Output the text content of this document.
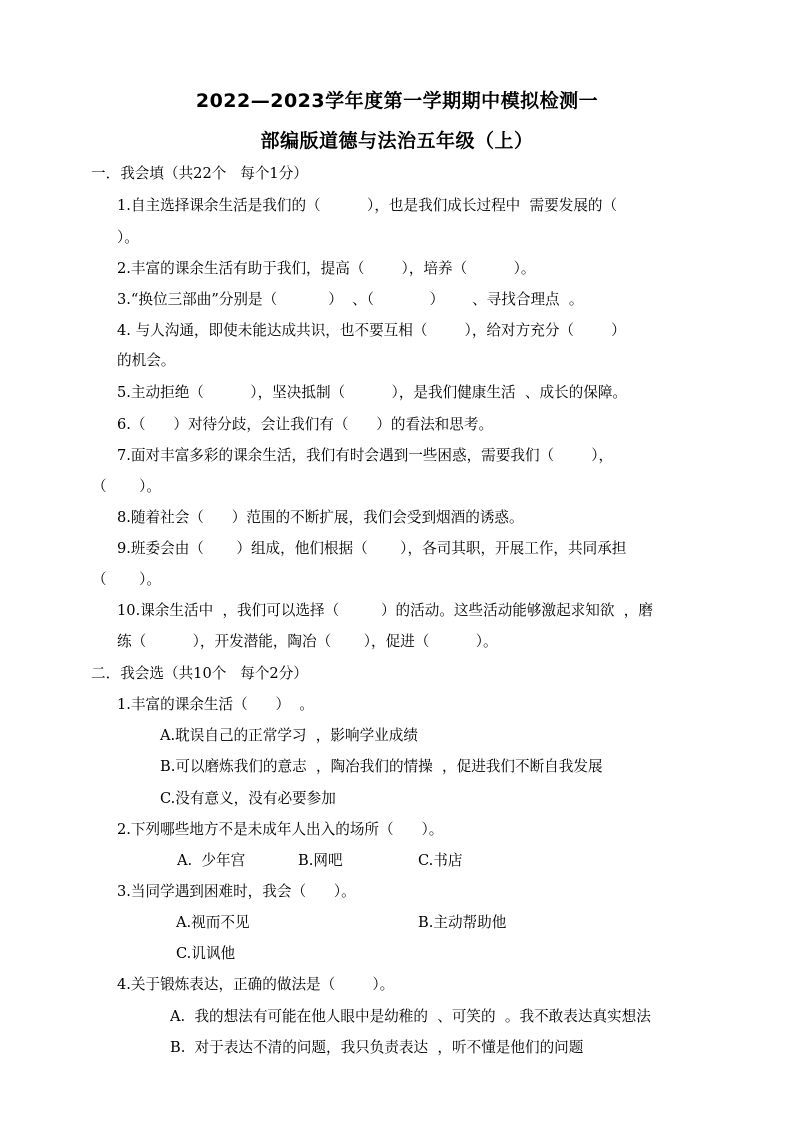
2022—2023学年度第一学期期中模拟检测一
部编版道德与法治五年级（上）
一．我会填（共22个   每个1分）
1.自主选择课余生活是我们的（          ），也是我们成长过程中  需要发展的（
）。
2.丰富的课余生活有助于我们，提高（        ），培养（          ）。
3.“换位三部曲”分别是（           ）  、（            ）      、寻找合理点  。
4. 与人沟通，即使未能达成共识，也不要互相（        ），给对方充分（        ）
的机会。
5.主动拒绝（          ），坚决抵制（          ），是我们健康生活  、成长的保障。
6.（      ）对待分歧，会让我们有（      ）的看法和思考。
7.面对丰富多彩的课余生活，我们有时会遇到一些困惑，需要我们（        ），
（       ）。
8.随着社会（      ）范围的不断扩展，我们会受到烟酒的诱惑。
9.班委会由（       ）组成，他们根据（       ），各司其职，开展工作，共同承担
（       ）。
10.课余生活中  ，我们可以选择（         ）的活动。这些活动能够激起求知欲  ，磨
练（          ），开发潜能，陶冶（       ），促进（          ）。
二．我会选（共10个   每个2分）
1.丰富的课余生活（      ）  。
A.耽误自己的正常学习  ，影响学业成绩
B.可以磨炼我们的意志  ，陶冶我们的情操  ，促进我们不断自我发展
C.没有意义，没有必要参加
2.下列哪些地方不是未成年人出入的场所（      ）。
A.  少年宫	B.网吧	C.书店
3.当同学遇到困难时，我会（      ）。
A.视而不见	B.主动帮助他
C.讥讽他
4.关于锻炼表达，正确的做法是（        ）。
A.  我的想法有可能在他人眼中是幼稚的  、可笑的  。我不敢表达真实想法
B.  对于表达不清的问题，我只负责表达  ，听不懂是他们的问题
